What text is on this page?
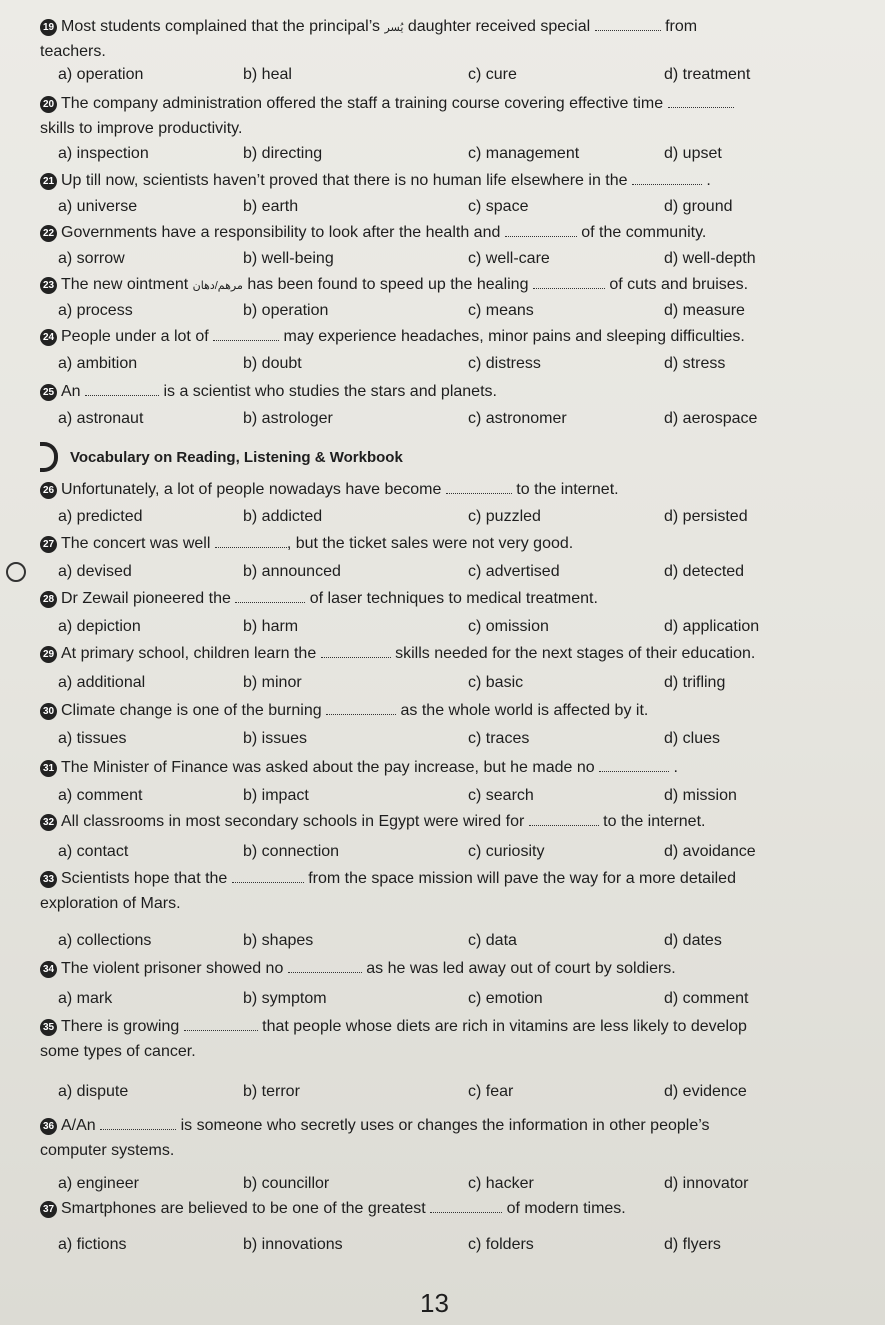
Vocabulary on Reading, Listening & Workbook
19 Most students complained that the principal’s يُسر daughter received special	from
teachers.
a) operation	b) heal	c) cure	d) treatment
20 The company administration offered the staff a training course covering effective time
skills to improve productivity.
a) inspection	b) directing	c) management	d) upset
21 Up till now, scientists haven’t proved that there is no human life elsewhere in the	.
a) universe	b) earth	c) space	d) ground
22 Governments have a responsibility to look after the health and	of the community.
a) sorrow	b) well-being	c) well-care	d) well-depth
23 The new ointment مرهم/دهان has been found to speed up the healing	of cuts and bruises.
a) process	b) operation	c) means	d) measure
24 People under a lot of	may experience headaches, minor pains and sleeping difficulties.
a) ambition	b) doubt	c) distress	d) stress
25 An	is a scientist who studies the stars and planets.
a) astronaut	b) astrologer	c) astronomer	d) aerospace
26 Unfortunately, a lot of people nowadays have become	to the internet.
a) predicted	b) addicted	c) puzzled	d) persisted
27 The concert was well	, but the ticket sales were not very good.
a) devised	b) announced	c) advertised	d) detected
28 Dr Zewail pioneered the	of laser techniques to medical treatment.
a) depiction	b) harm	c) omission	d) application
29 At primary school, children learn the	skills needed for the next stages of their education.
a) additional	b) minor	c) basic	d) trifling
30 Climate change is one of the burning	as the whole world is affected by it.
a) tissues	b) issues	c) traces	d) clues
31 The Minister of Finance was asked about the pay increase, but he made no	.
a) comment	b) impact	c) search	d) mission
32 All classrooms in most secondary schools in Egypt were wired for	to the internet.
a) contact	b) connection	c) curiosity	d) avoidance
33 Scientists hope that the	from the space mission will pave the way for a more detailed
exploration of Mars.
a) collections	b) shapes	c) data	d) dates
34 The violent prisoner showed no	as he was led away out of court by soldiers.
a) mark	b) symptom	c) emotion	d) comment
35 There is growing	that people whose diets are rich in vitamins are less likely to develop
some types of cancer.
a) dispute	b) terror	c) fear	d) evidence
36 A/An	is someone who secretly uses or changes the information in other people’s
computer systems.
a) engineer	b) councillor	c) hacker	d) innovator
37 Smartphones are believed to be one of the greatest	of modern times.
a) fictions	b) innovations	c) folders	d) flyers
13
